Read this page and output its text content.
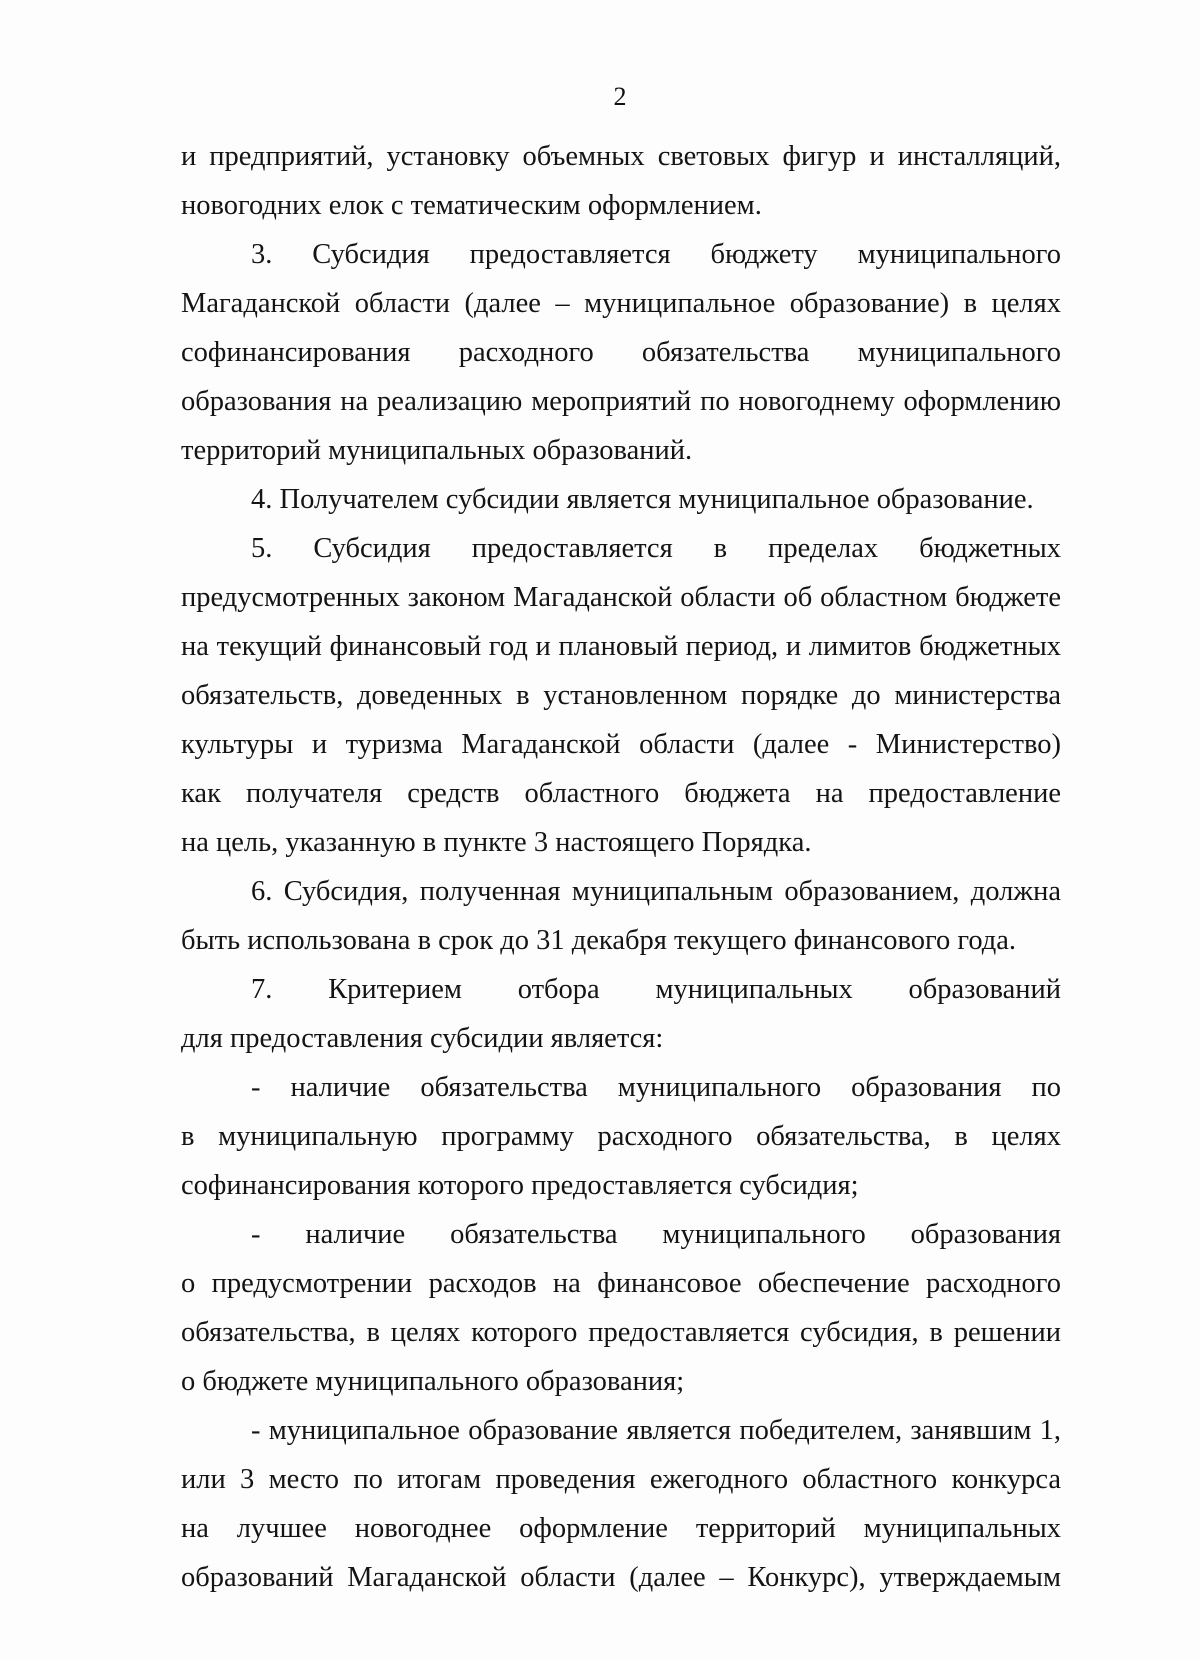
2
и предприятий, установку объемных световых фигур и инсталляций,
новогодних елок с тематическим оформлением.
3. Субсидия предоставляется бюджету муниципального
Магаданской области (далее – муниципальное образование) в целях
софинансирования расходного обязательства муниципального
образования на реализацию мероприятий по новогоднему оформлению
территорий муниципальных образований.
4. Получателем субсидии является муниципальное образование.
5. Субсидия предоставляется в пределах бюджетных
предусмотренных законом Магаданской области об областном бюджете
на текущий финансовый год и плановый период, и лимитов бюджетных
обязательств, доведенных в установленном порядке до министерства
культуры и туризма Магаданской области (далее - Министерство)
как получателя средств областного бюджета на предоставление
на цель, указанную в пункте 3 настоящего Порядка.
6. Субсидия, полученная муниципальным образованием, должна
быть использована в срок до 31 декабря текущего финансового года.
7. Критерием отбора муниципальных образований
для предоставления субсидии является:
- наличие обязательства муниципального образования по
в муниципальную программу расходного обязательства, в целях
софинансирования которого предоставляется субсидия;
- наличие обязательства муниципального образования
о предусмотрении расходов на финансовое обеспечение расходного
обязательства, в целях которого предоставляется субсидия, в решении
о бюджете муниципального образования;
- муниципальное образование является победителем, занявшим 1,
или 3 место по итогам проведения ежегодного областного конкурса
на лучшее новогоднее оформление территорий муниципальных
образований Магаданской области (далее – Конкурс), утверждаемым
